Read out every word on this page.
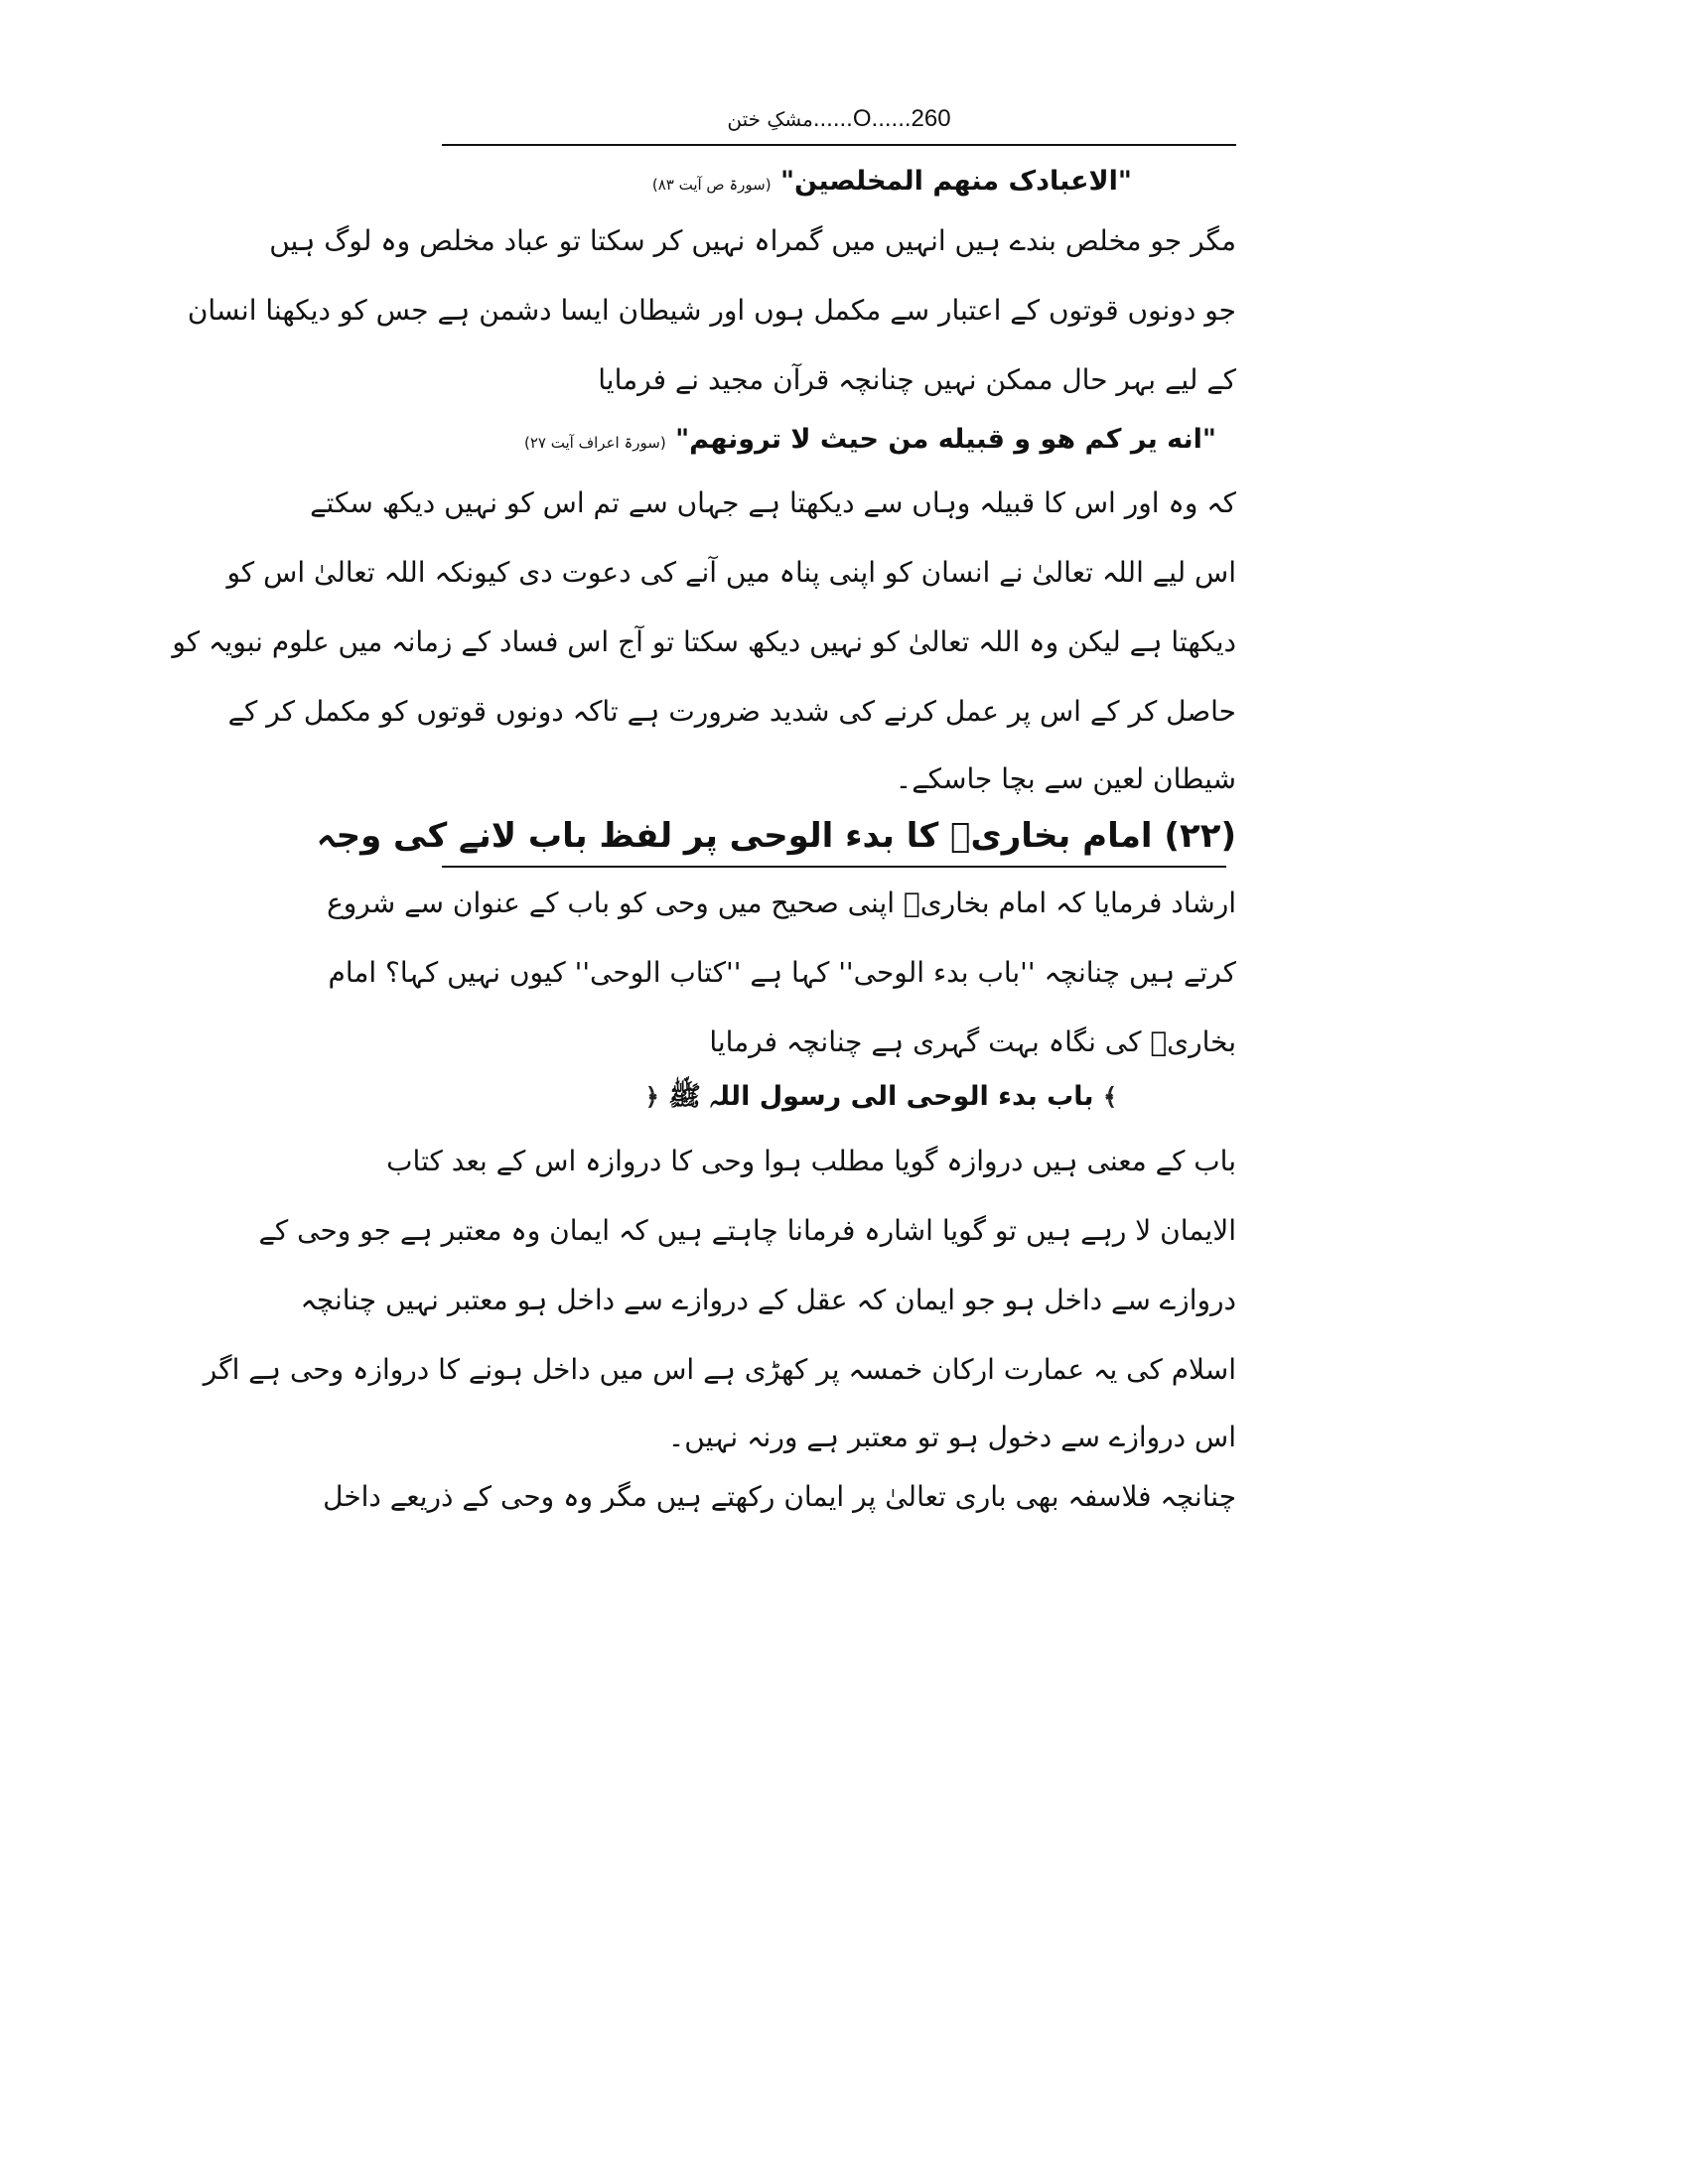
مشکِ ختن ......O...... 260
"الاعبادک منهم المخلصین" (سورۃ ص آیت ۸۳)
مگر جو مخلص بندے ہیں انہیں میں گمراہ نہیں کر سکتا تو عباد مخلص وہ لوگ ہیں
جو دونوں قوتوں کے اعتبار سے مکمل ہوں اور شیطان ایسا دشمن ہے جس کو دیکھنا انسان
کے لیے بہر حال ممکن نہیں چنانچہ قرآن مجید نے فرمایا
"انه یر کم هو و قبیله من حیث لا ترونهم" (سورۃ اعراف آیت ۲۷)
کہ وہ اور اس کا قبیلہ وہاں سے دیکھتا ہے جہاں سے تم اس کو نہیں دیکھ سکتے
اس لیے اللہ تعالیٰ نے انسان کو اپنی پناہ میں آنے کی دعوت دی کیونکہ اللہ تعالیٰ اس کو
دیکھتا ہے لیکن وہ اللہ تعالیٰ کو نہیں دیکھ سکتا تو آج اس فساد کے زمانہ میں علوم نبویہ کو
حاصل کر کے اس پر عمل کرنے کی شدید ضرورت ہے تاکہ دونوں قوتوں کو مکمل کر کے
شیطان لعین سے بچا جاسکے۔
(۲۲) امام بخاریؒ کا بدء الوحی پر لفظ باب لانے کی وجہ
ارشاد فرمایا کہ امام بخاریؒ اپنی صحیح میں وحی کو باب کے عنوان سے شروع
کرتے ہیں چنانچہ ''باب بدء الوحی'' کہا ہے ''کتاب الوحی'' کیوں نہیں کہا؟ امام
بخاریؒ کی نگاہ بہت گہری ہے چنانچہ فرمایا
﴾ باب بدء الوحی الی رسول اللہ ﷺ ﴿
باب کے معنی ہیں دروازہ گویا مطلب ہوا وحی کا دروازہ اس کے بعد کتاب
الایمان لا رہے ہیں تو گویا اشارہ فرمانا چاہتے ہیں کہ ایمان وہ معتبر ہے جو وحی کے
دروازے سے داخل ہو جو ایمان کہ عقل کے دروازے سے داخل ہو معتبر نہیں چنانچہ
اسلام کی یہ عمارت ارکان خمسہ پر کھڑی ہے اس میں داخل ہونے کا دروازہ وحی ہے اگر
اس دروازے سے دخول ہو تو معتبر ہے ورنہ نہیں۔
چنانچہ فلاسفہ بھی باری تعالیٰ پر ایمان رکھتے ہیں مگر وہ وحی کے ذریعے داخل
